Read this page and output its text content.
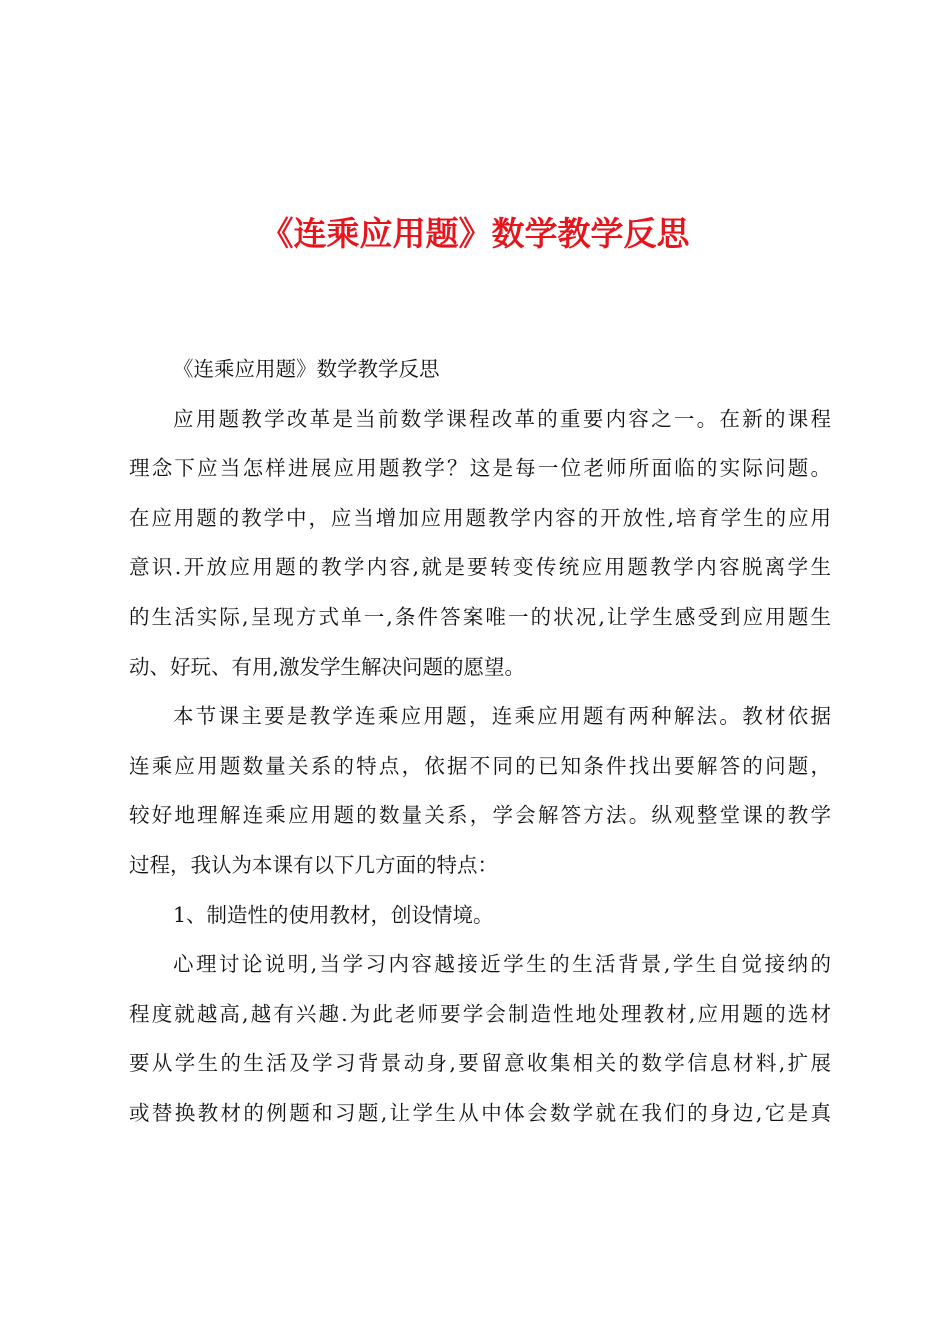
《连乘应用题》数学教学反思
《连乘应用题》数学教学反思
应用题教学改革是当前数学课程改革的重要内容之一。在新的课程
理念下应当怎样进展应用题教学？这是每一位老师所面临的实际问题。
在应用题的教学中，应当增加应用题教学内容的开放性,培育学生的应用
意识.开放应用题的教学内容,就是要转变传统应用题教学内容脱离学生
的生活实际,呈现方式单一,条件答案唯一的状况,让学生感受到应用题生
动、好玩、有用,激发学生解决问题的愿望。
本节课主要是教学连乘应用题，连乘应用题有两种解法。教材依据
连乘应用题数量关系的特点，依据不同的已知条件找出要解答的问题，
较好地理解连乘应用题的数量关系，学会解答方法。纵观整堂课的教学
过程，我认为本课有以下几方面的特点：
1、制造性的使用教材，创设情境。
心理讨论说明,当学习内容越接近学生的生活背景,学生自觉接纳的
程度就越高,越有兴趣.为此老师要学会制造性地处理教材,应用题的选材
要从学生的生活及学习背景动身,要留意收集相关的数学信息材料,扩展
或替换教材的例题和习题,让学生从中体会数学就在我们的身边,它是真
